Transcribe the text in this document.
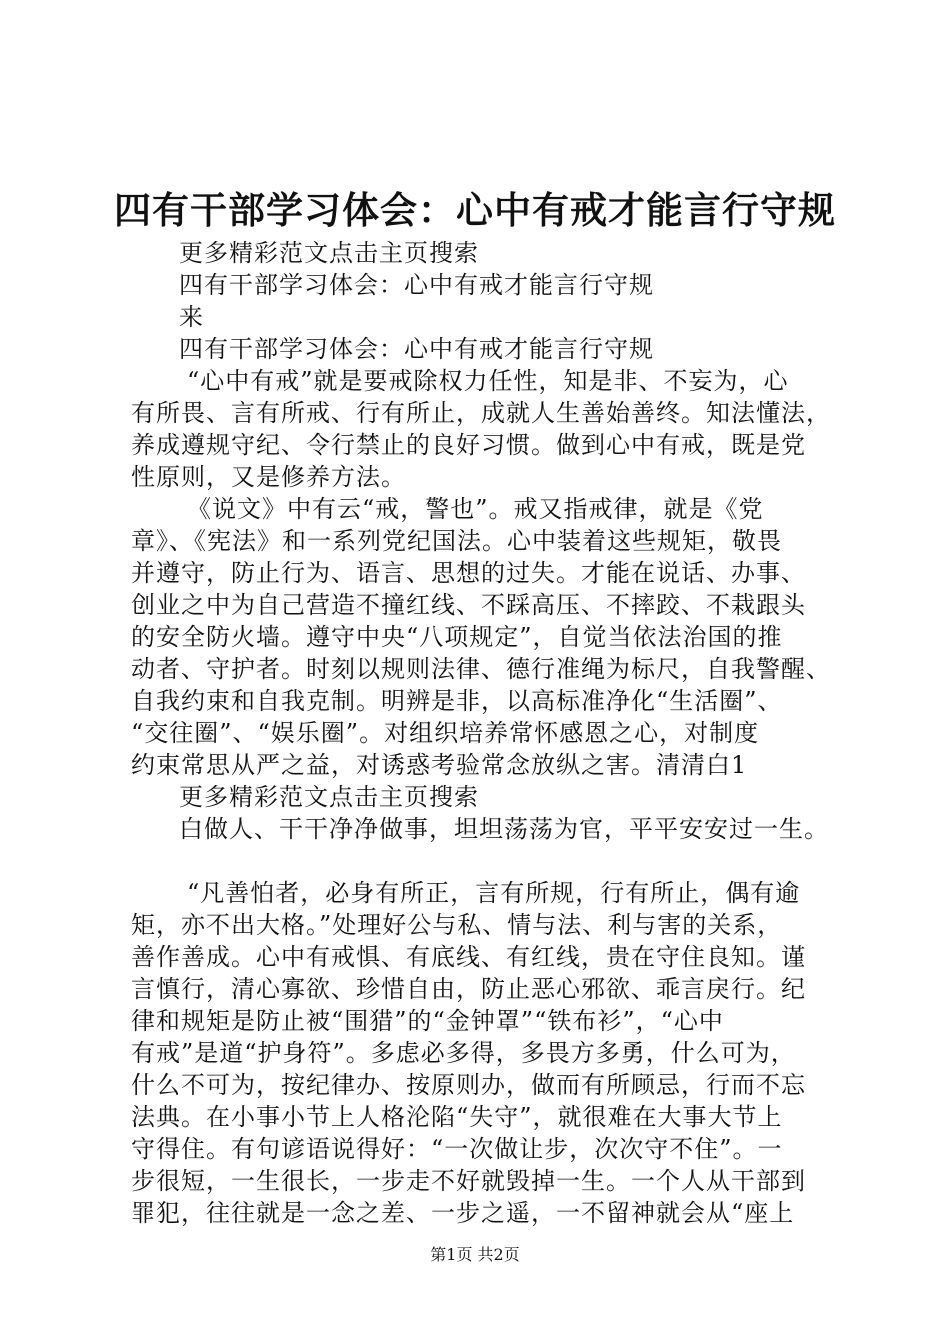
四有干部学习体会：心中有戒才能言行守规
更多精彩范文点击主页搜索
四有干部学习体会：心中有戒才能言行守规
来
四有干部学习体会：心中有戒才能言行守规
“心中有戒”就是要戒除权力任性，知是非、不妄为，心
有所畏、言有所戒、行有所止，成就人生善始善终。知法懂法，
养成遵规守纪、令行禁止的良好习惯。做到心中有戒，既是党
性原则，又是修养方法。
《说文》中有云“戒，警也”。戒又指戒律，就是《党
章》、《宪法》和一系列党纪国法。心中装着这些规矩，敬畏
并遵守，防止行为、语言、思想的过失。才能在说话、办事、
创业之中为自己营造不撞红线、不踩高压、不摔跤、不栽跟头
的安全防火墙。遵守中央“八项规定”，自觉当依法治国的推
动者、守护者。时刻以规则法律、德行准绳为标尺，自我警醒、
自我约束和自我克制。明辨是非，以高标准净化“生活圈”、
“交往圈”、“娱乐圈”。对组织培养常怀感恩之心，对制度
约束常思从严之益，对诱惑考验常念放纵之害。清清白1
更多精彩范文点击主页搜索
白做人、干干净净做事，坦坦荡荡为官，平平安安过一生。
“凡善怕者，必身有所正，言有所规，行有所止，偶有逾
矩，亦不出大格。”处理好公与私、情与法、利与害的关系，
善作善成。心中有戒惧、有底线、有红线，贵在守住良知。谨
言慎行，清心寡欲、珍惜自由，防止恶心邪欲、乖言戾行。纪
律和规矩是防止被“围猎”的“金钟罩”“铁布衫”，“心中
有戒”是道“护身符”。多虑必多得，多畏方多勇，什么可为，
什么不可为，按纪律办、按原则办，做而有所顾忌，行而不忘
法典。在小事小节上人格沦陷“失守”，就很难在大事大节上
守得住。有句谚语说得好：“一次做让步，次次守不住”。一
步很短，一生很长，一步走不好就毁掉一生。一个人从干部到
罪犯，往往就是一念之差、一步之遥，一不留神就会从“座上
第1页 共2页
